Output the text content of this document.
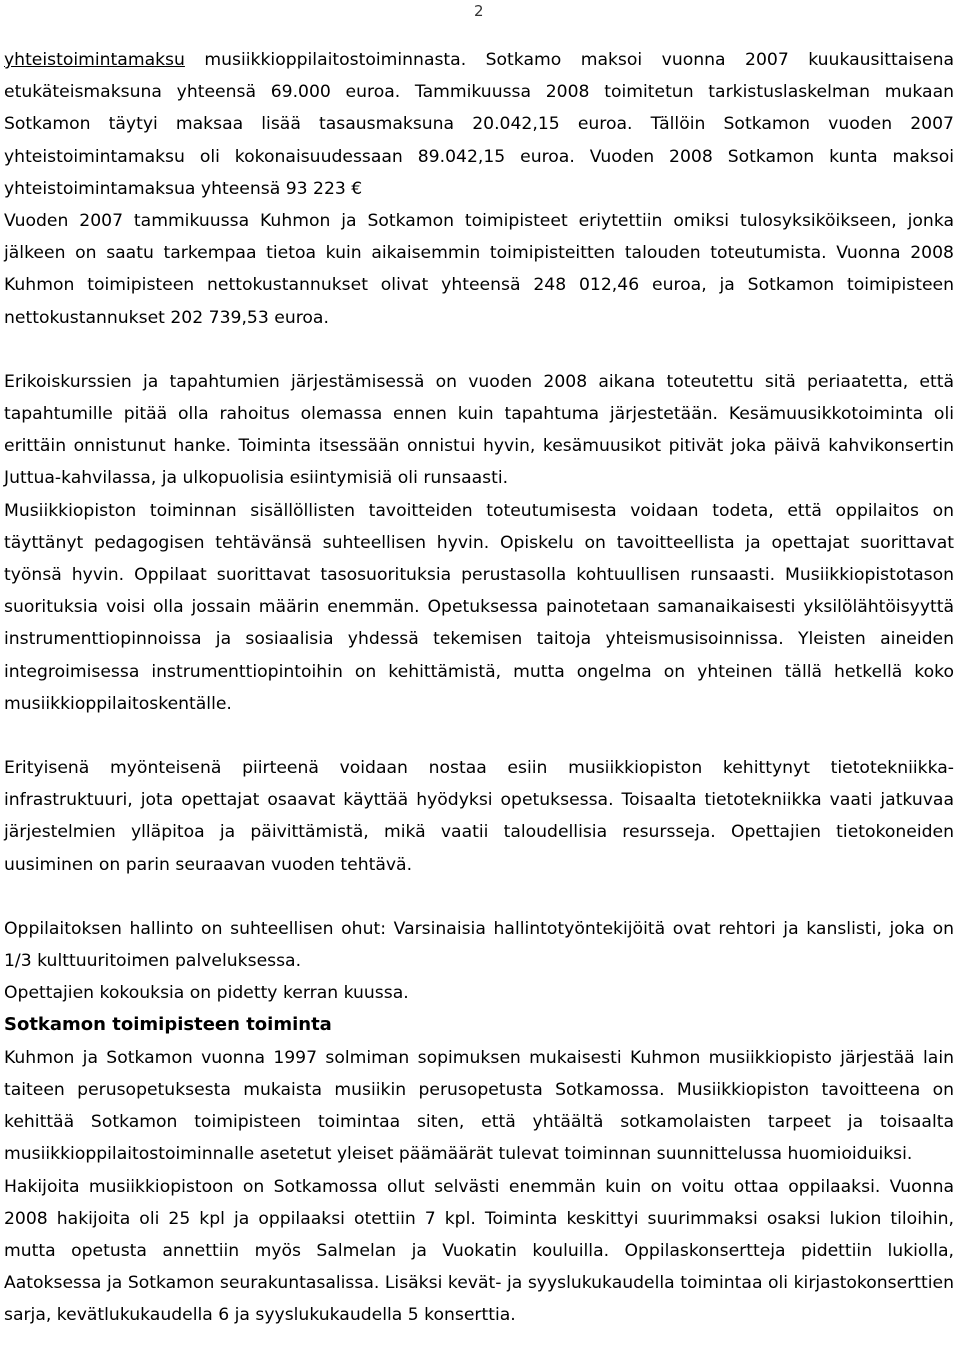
2

yhteistoimintamaksu musiikkioppilaitostoiminnasta. Sotkamo maksoi vuonna 2007 kuukausittaisena etukäteismaksuna yhteensä 69.000 euroa. Tammikuussa 2008 toimitetun tarkistuslaskelman mukaan Sotkamon täytyi maksaa lisää tasausmaksuna 20.042,15 euroa. Tällöin Sotkamon vuoden 2007 yhteistoimintamaksu oli kokonaisuudessaan 89.042,15 euroa. Vuoden 2008 Sotkamon kunta maksoi yhteistoimintamaksua yhteensä 93 223 €

Vuoden 2007 tammikuussa Kuhmon ja Sotkamon toimipisteet eriytettiin omiksi tulosyksiköikseen, jonka jälkeen on saatu tarkempaa tietoa kuin aikaisemmin toimipisteitten talouden toteutumista. Vuonna 2008 Kuhmon toimipisteen nettokustannukset olivat yhteensä 248 012,46 euroa, ja Sotkamon toimipisteen nettokustannukset 202 739,53 euroa.

Erikoiskurssien ja tapahtumien järjestämisessä on vuoden 2008 aikana toteutettu sitä periaatetta, että tapahtumille pitää olla rahoitus olemassa ennen kuin tapahtuma järjestetään. Kesämuusikkotoiminta oli erittäin onnistunut hanke. Toiminta itsessään onnistui hyvin, kesämuusikot pitivät joka päivä kahvikonsertin Juttua-kahvilassa, ja ulkopuolisia esiintymisiä oli runsaasti.

Musiikkiopiston toiminnan sisällöllisten tavoitteiden toteutumisesta voidaan todeta, että oppilaitos on täyttänyt pedagogisen tehtävänsä suhteellisen hyvin. Opiskelu on tavoitteellista ja opettajat suorittavat työnsä hyvin. Oppilaat suorittavat tasosuorituksia perustasolla kohtuullisen runsaasti. Musiikkiopistotason suorituksia voisi olla jossain määrin enemmän. Opetuksessa painotetaan samanaikaisesti yksilölähtöisyyttä instrumenttiopinnoissa ja sosiaalisia yhdessä tekemisen taitoja yhteismusisoinnissa. Yleisten aineiden integroimisessa instrumenttiopintoihin on kehittämistä, mutta ongelma on yhteinen tällä hetkellä koko musiikkioppilaitoskentälle.

Erityisenä myönteisenä piirteenä voidaan nostaa esiin musiikkiopiston kehittynyt tietotekniikka-infrastruktuuri, jota opettajat osaavat käyttää hyödyksi opetuksessa. Toisaalta tietotekniikka vaati jatkuvaa järjestelmien ylläpitoa ja päivittämistä, mikä vaatii taloudellisia resursseja. Opettajien tietokoneiden uusiminen on parin seuraavan vuoden tehtävä.

Oppilaitoksen hallinto on suhteellisen ohut: Varsinaisia hallintotyöntekijöitä ovat rehtori ja kanslisti, joka on 1/3 kulttuuritoimen palveluksessa.

Opettajien kokouksia on pidetty kerran kuussa.

Sotkamon toimipisteen toiminta

Kuhmon ja Sotkamon vuonna 1997 solmiman sopimuksen mukaisesti Kuhmon musiikkiopisto järjestää lain taiteen perusopetuksesta mukaista musiikin perusopetusta Sotkamossa. Musiikkiopiston tavoitteena on kehittää Sotkamon toimipisteen toimintaa siten, että yhtäältä sotkamolaisten tarpeet ja toisaalta musiikkioppilaitostoiminnalle asetetut yleiset päämäärät tulevat toiminnan suunnittelussa huomioiduiksi.

Hakijoita musiikkiopistoon on Sotkamossa ollut selvästi enemmän kuin on voitu ottaa oppilaaksi. Vuonna 2008 hakijoita oli 25 kpl ja oppilaaksi otettiin 7 kpl. Toiminta keskittyi suurimmaksi osaksi lukion tiloihin, mutta opetusta annettiin myös Salmelan ja Vuokatin kouluilla. Oppilaskonsertteja pidettiin lukiolla, Aatoksessa ja Sotkamon seurakuntasalissa. Lisäksi kevät- ja syyslukukaudella toimintaa oli kirjastokonserttien sarja, kevätlukukaudella 6 ja syyslukukaudella 5 konserttia.
